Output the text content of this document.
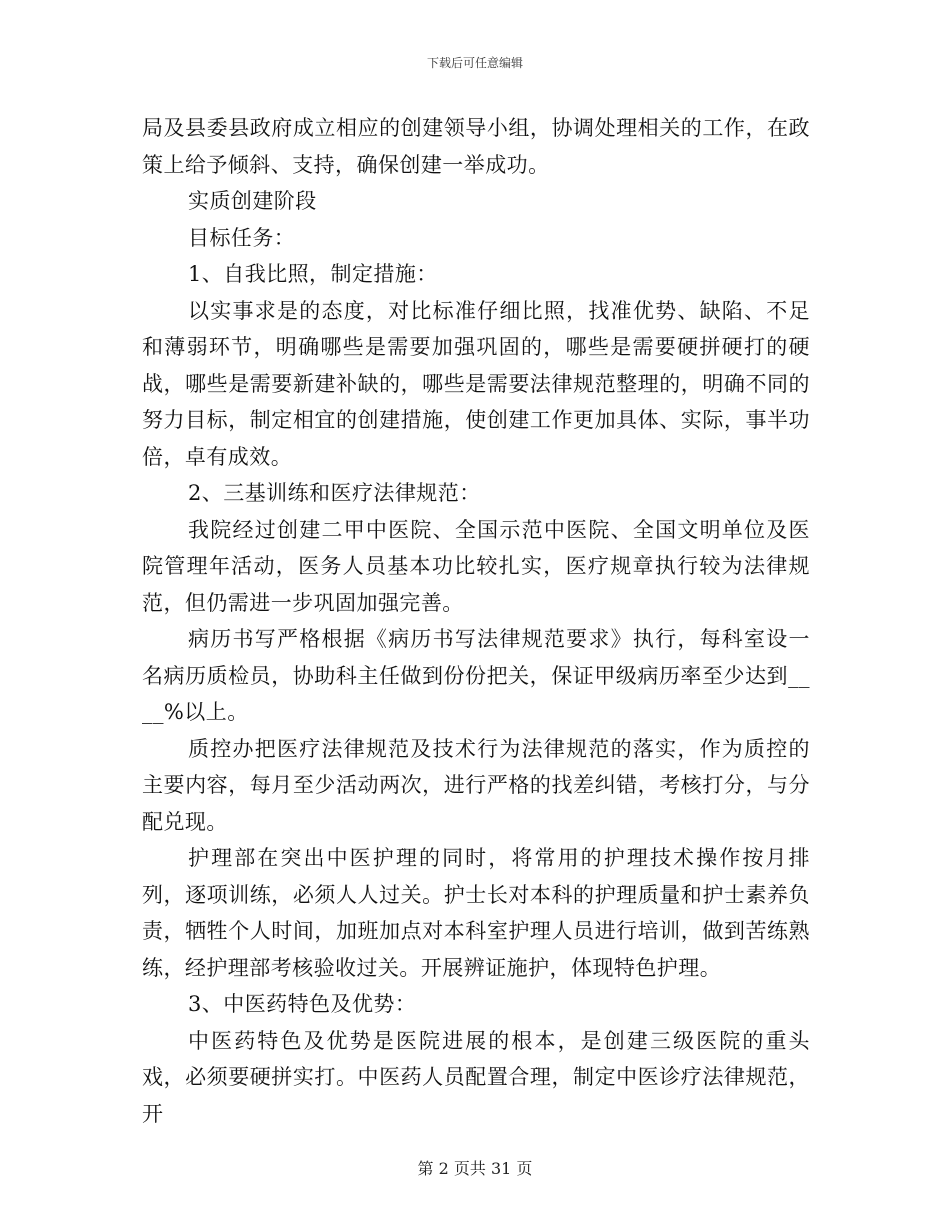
下载后可任意编辑

局及县委县政府成立相应的创建领导小组，协调处理相关的工作，在政策上给予倾斜、支持，确保创建一举成功。

实质创建阶段

目标任务：

1、自我比照，制定措施：

以实事求是的态度，对比标准仔细比照，找准优势、缺陷、不足和薄弱环节，明确哪些是需要加强巩固的，哪些是需要硬拼硬打的硬战，哪些是需要新建补缺的，哪些是需要法律规范整理的，明确不同的努力目标，制定相宜的创建措施，使创建工作更加具体、实际，事半功倍，卓有成效。

2、三基训练和医疗法律规范：

我院经过创建二甲中医院、全国示范中医院、全国文明单位及医院管理年活动，医务人员基本功比较扎实，医疗规章执行较为法律规范，但仍需进一步巩固加强完善。

病历书写严格根据《病历书写法律规范要求》执行，每科室设一名病历质检员，协助科主任做到份份把关，保证甲级病历率至少达到____%以上。

质控办把医疗法律规范及技术行为法律规范的落实，作为质控的主要内容，每月至少活动两次，进行严格的找差纠错，考核打分，与分配兑现。

护理部在突出中医护理的同时，将常用的护理技术操作按月排列，逐项训练，必须人人过关。护士长对本科的护理质量和护士素养负责，牺牲个人时间，加班加点对本科室护理人员进行培训，做到苦练熟练，经护理部考核验收过关。开展辨证施护，体现特色护理。

3、中医药特色及优势：

中医药特色及优势是医院进展的根本，是创建三级医院的重头戏，必须要硬拼实打。中医药人员配置合理，制定中医诊疗法律规范，开

第 2 页共 31 页
